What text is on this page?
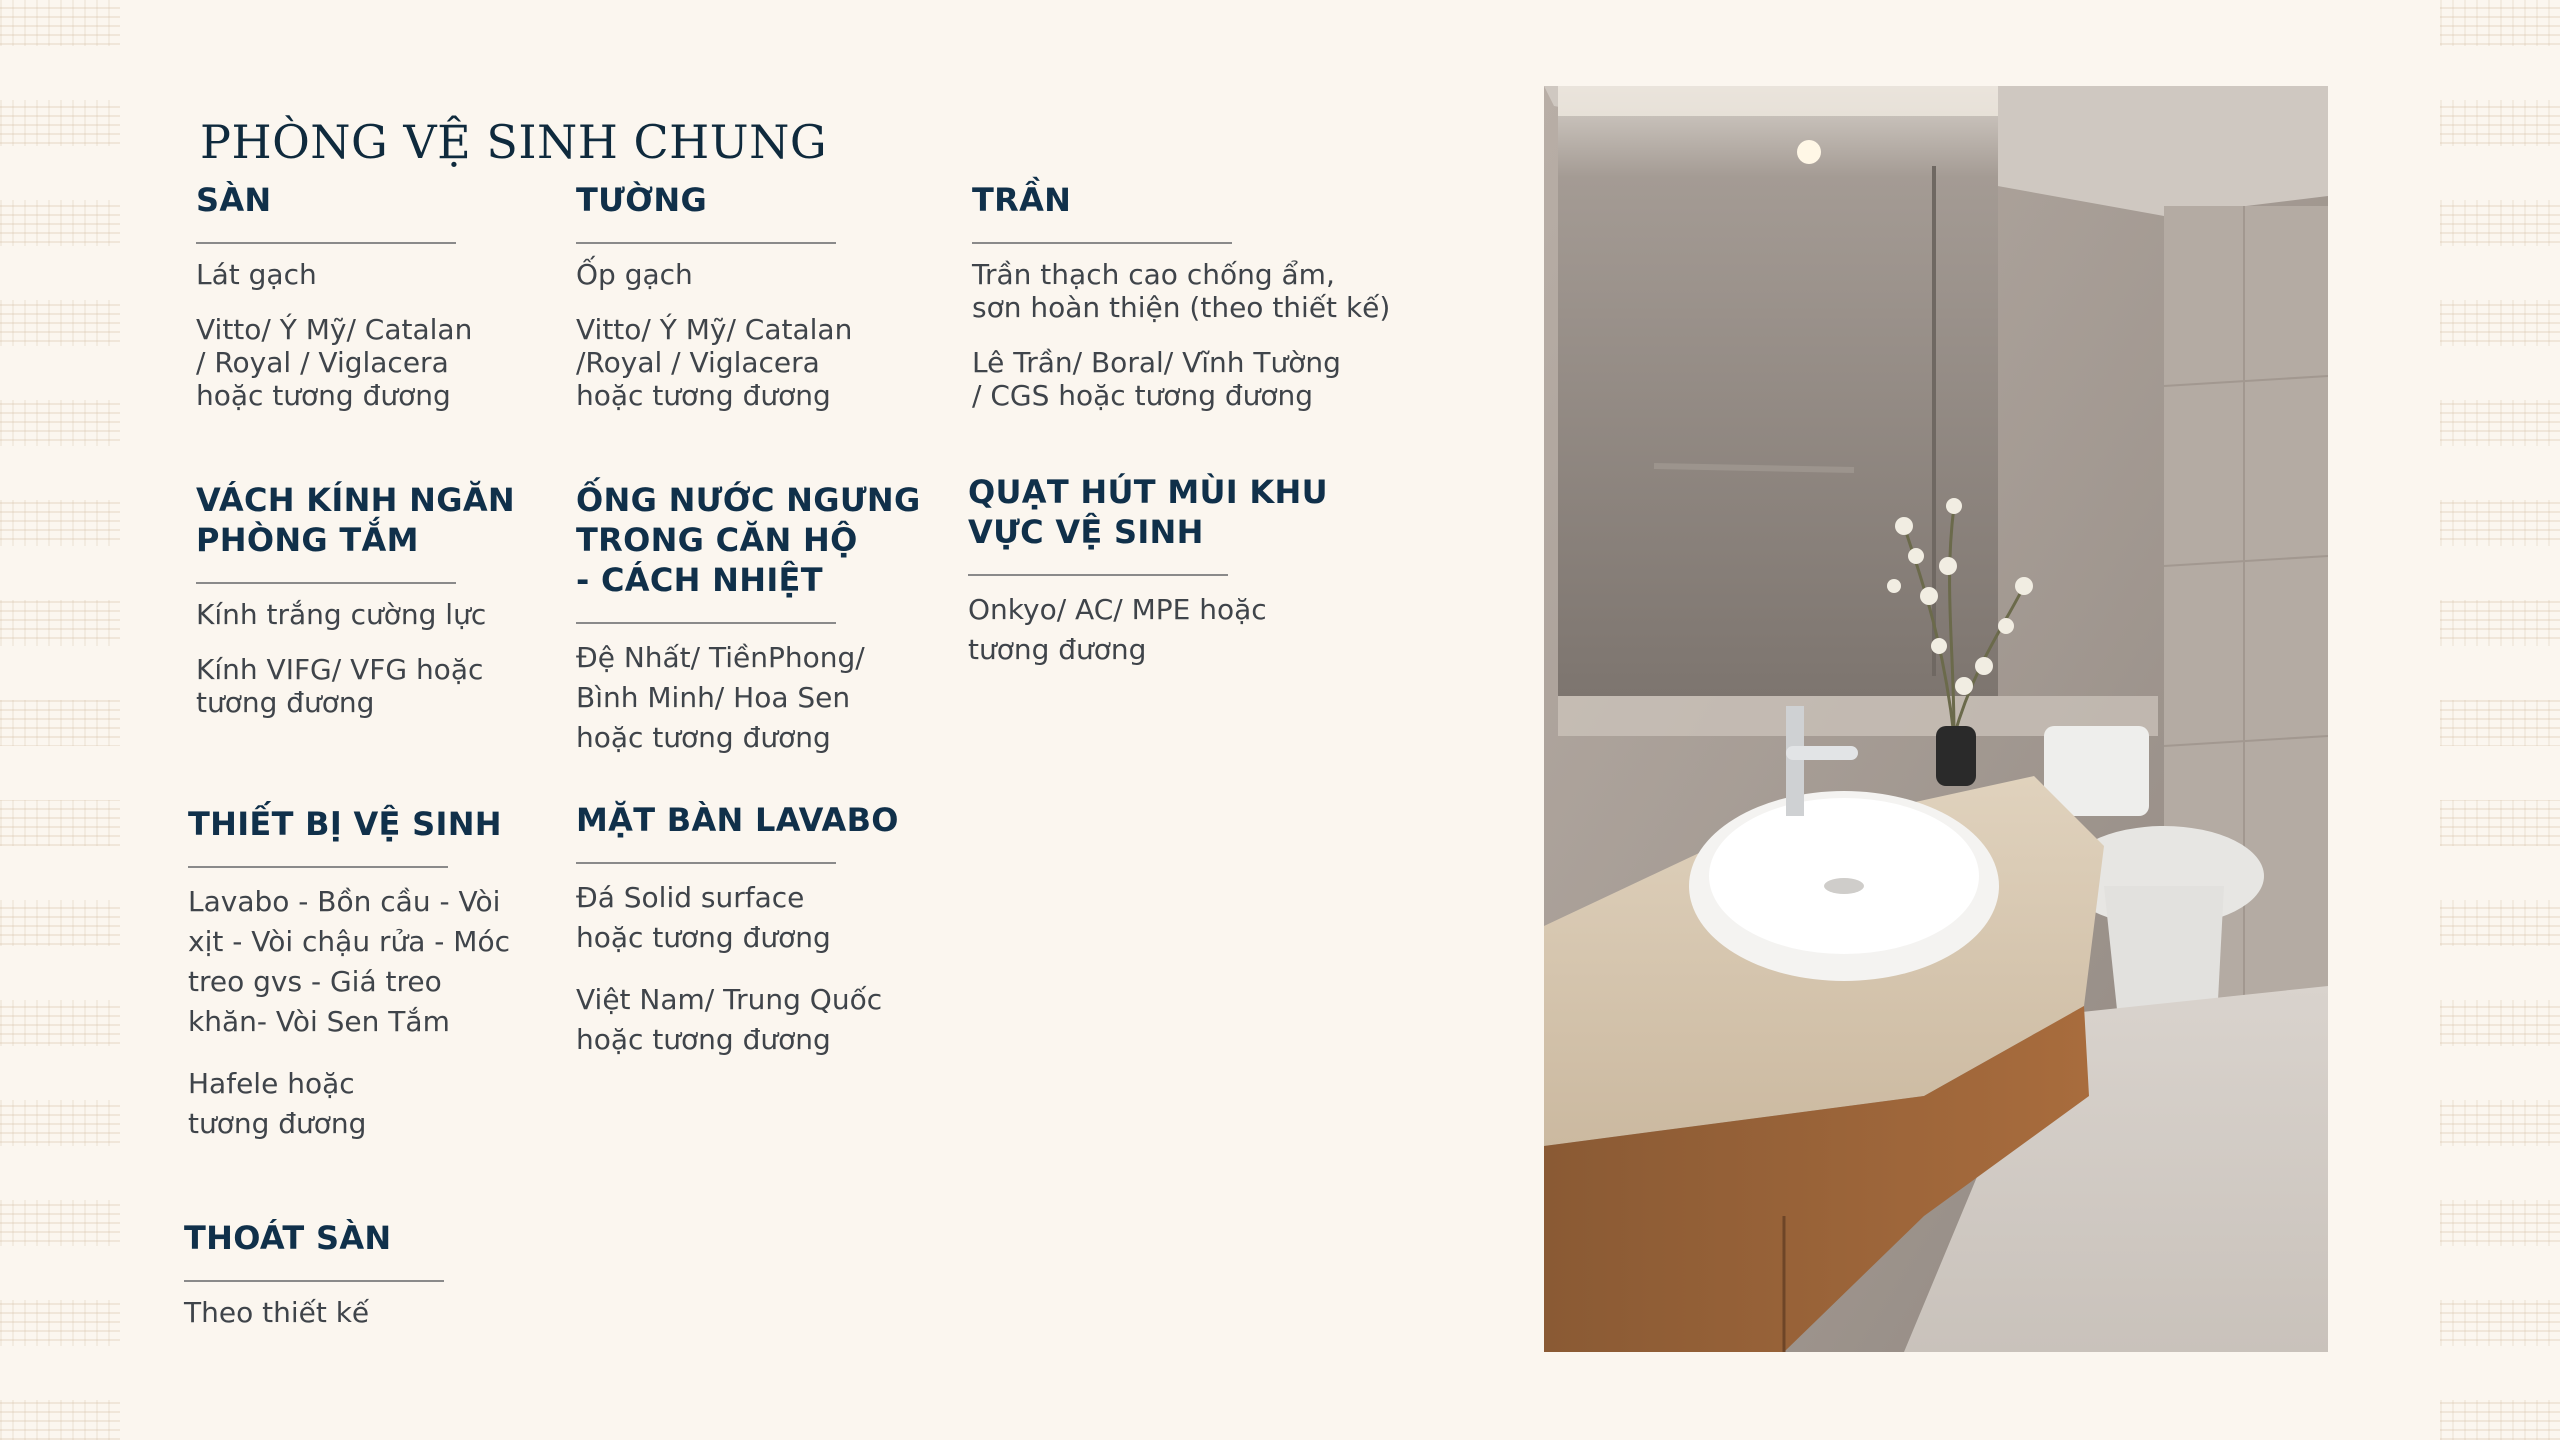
PHÒNG VỆ SINH CHUNG
SÀN

Lát gạch

Vitto/ Ý Mỹ/ Catalan
/ Royal / Viglacera
hoặc tương đương

TƯỜNG

Ốp gạch

Vitto/ Ý Mỹ/ Catalan
/Royal / Viglacera
hoặc tương đương

TRẦN

Trần thạch cao chống ẩm,
sơn hoàn thiện (theo thiết kế)

Lê Trần/ Boral/ Vĩnh Tường
/ CGS hoặc tương đương

VÁCH KÍNH NGĂN
PHÒNG TẮM

Kính trắng cường lực

Kính VIFG/ VFG hoặc
tương đương

ỐNG NƯỚC NGƯNG
TRONG CĂN HỘ
- CÁCH NHIỆT

Đệ Nhất/ TiềnPhong/
Bình Minh/ Hoa Sen
hoặc tương đương

QUẠT HÚT MÙI KHU
VỰC VỆ SINH

Onkyo/ AC/ MPE hoặc
tương đương

THIẾT BỊ VỆ SINH

Lavabo - Bồn cầu - Vòi
xịt - Vòi chậu rửa - Móc
treo gvs - Giá treo
khăn- Vòi Sen Tắm

Hafele hoặc
tương đương

MẶT BÀN LAVABO

Đá Solid surface
hoặc tương đương

Việt Nam/ Trung Quốc
hoặc tương đương

THOÁT SÀN

Theo thiết kế
